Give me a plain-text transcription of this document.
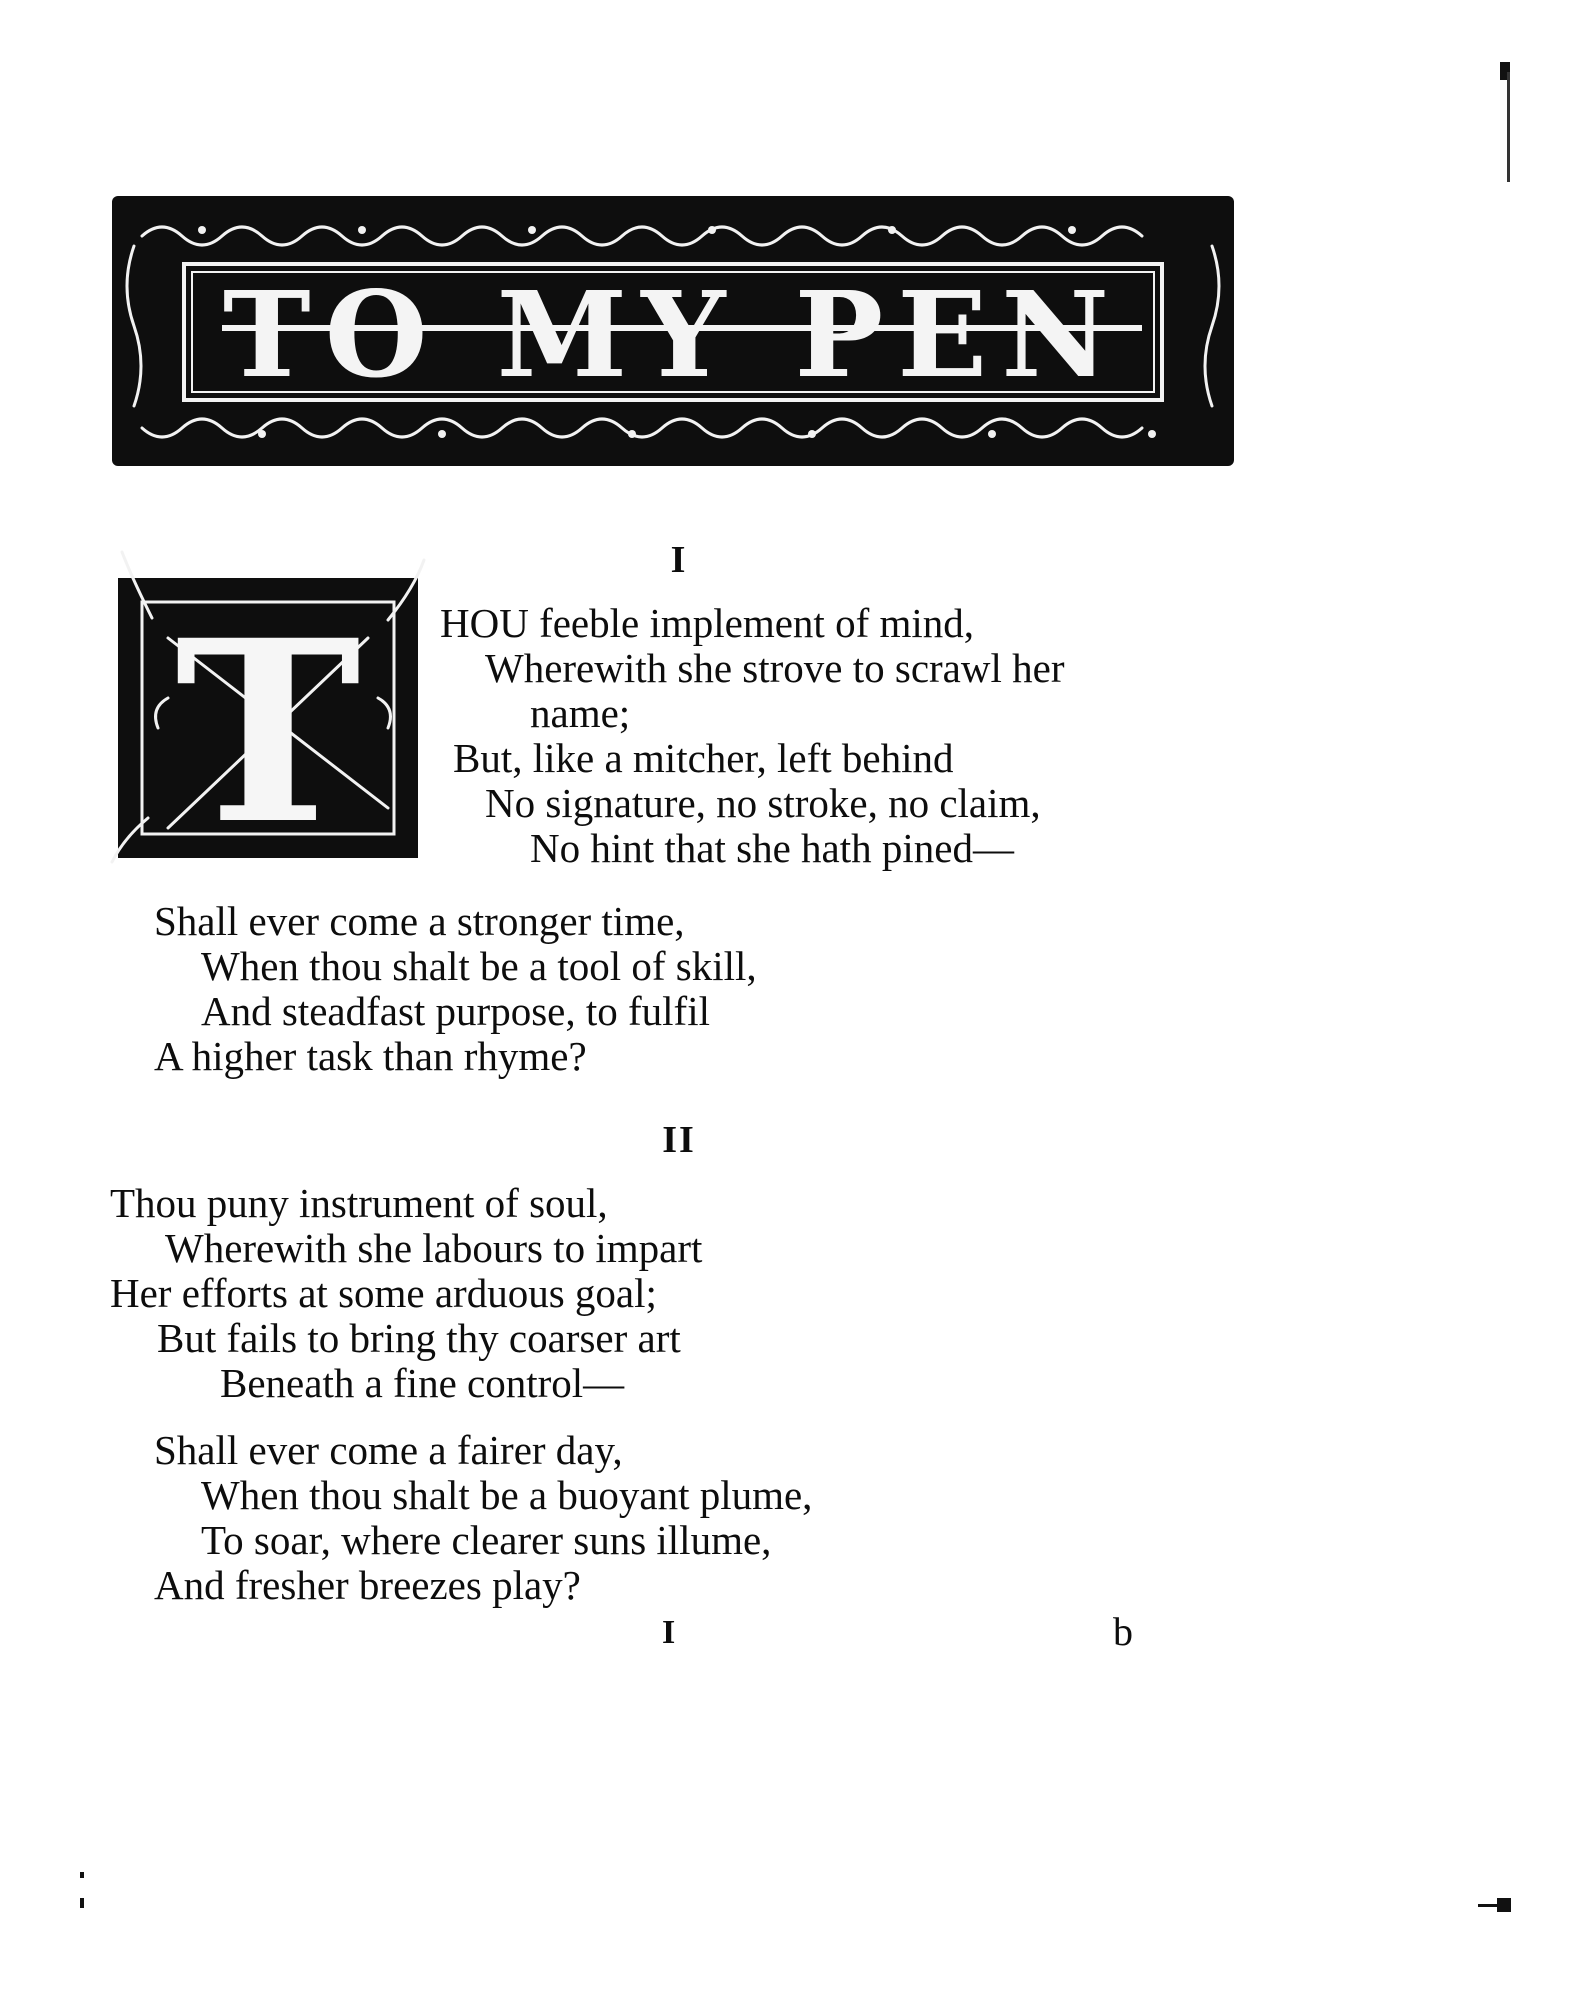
TO MY PEN
I
T HOU feeble implement of mind,
Wherewith she strove to scrawl her
name;
But, like a mitcher, left behind
No signature, no stroke, no claim,
No hint that she hath pined—
Shall ever come a stronger time,
When thou shalt be a tool of skill,
And steadfast purpose, to fulfil
A higher task than rhyme?
II
Thou puny instrument of soul,
Wherewith she labours to impart
Her efforts at some arduous goal;
But fails to bring thy coarser art
Beneath a fine control—
Shall ever come a fairer day,
When thou shalt be a buoyant plume,
To soar, where clearer suns illume,
And fresher breezes play?
I	b
